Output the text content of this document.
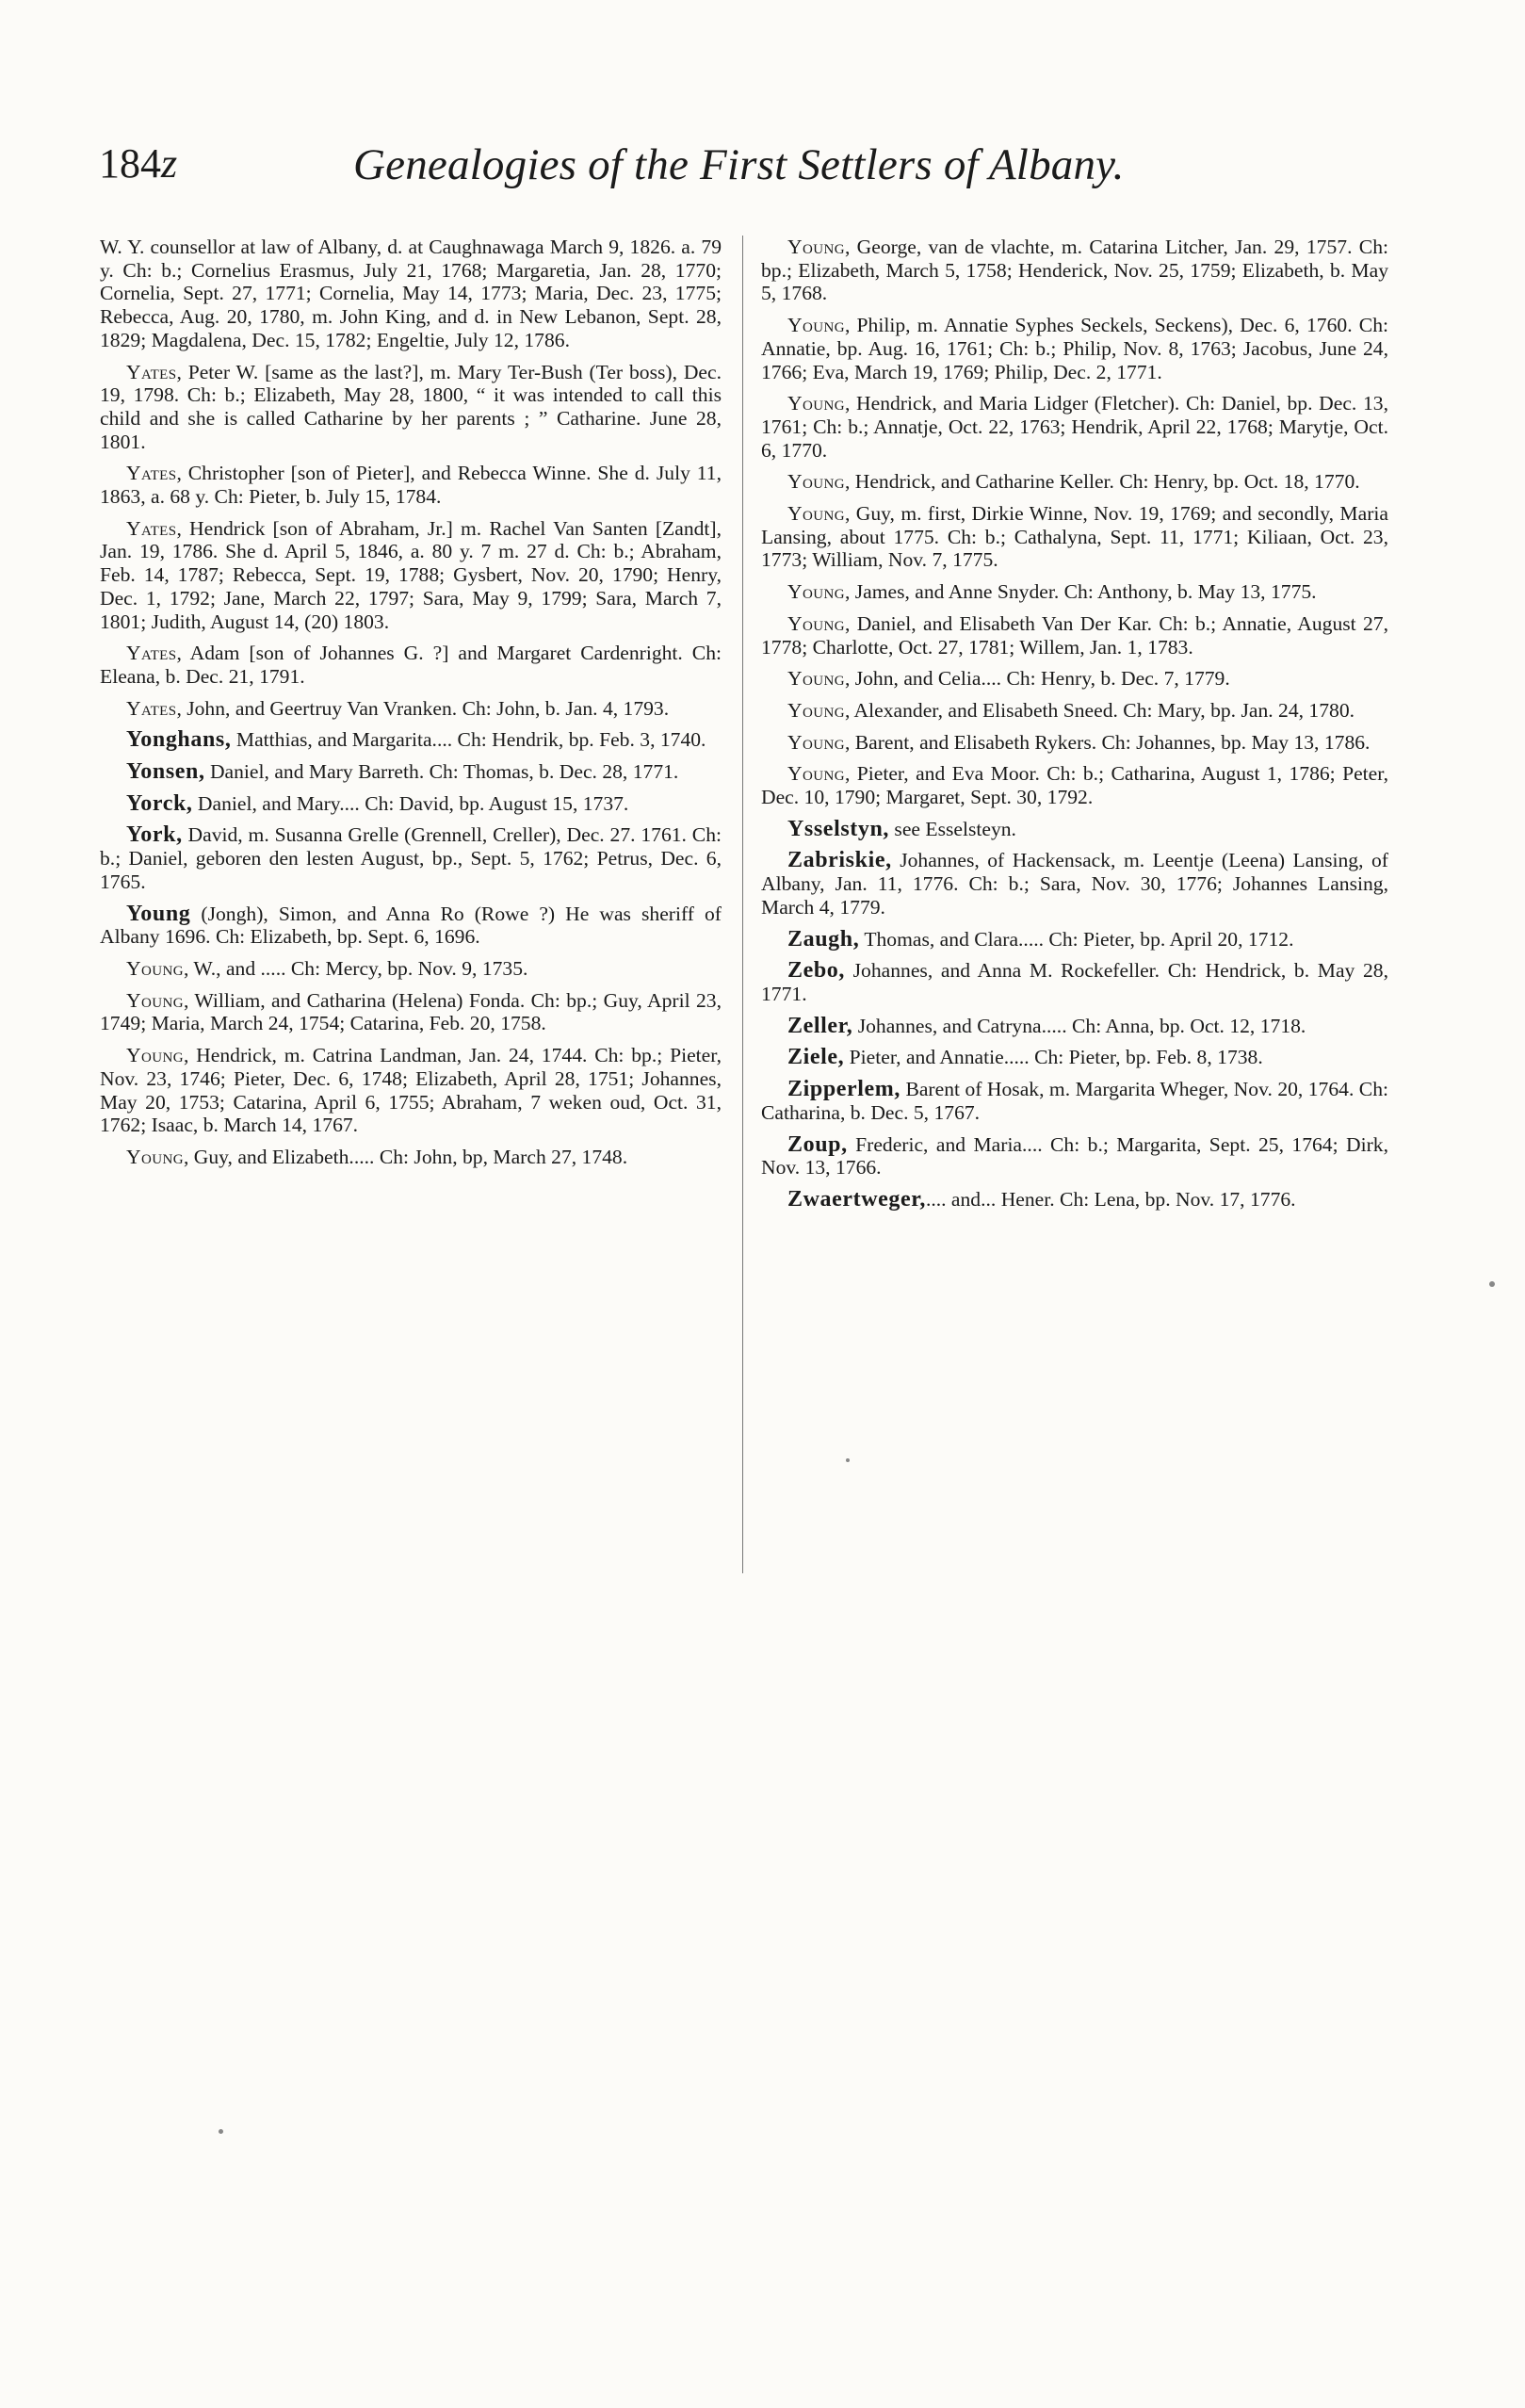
184z	Genealogies of the First Settlers of Albany.

W. Y. counsellor at law of Albany, d. at Caughnawaga March 9, 1826. a. 79 y. Ch: b.; Cornelius Erasmus, July 21, 1768; Margaretia, Jan. 28, 1770; Cornelia, Sept. 27, 1771; Cornelia, May 14, 1773; Maria, Dec. 23, 1775; Rebecca, Aug. 20, 1780, m. John King, and d. in New Lebanon, Sept. 28, 1829; Magdalena, Dec. 15, 1782; Engeltie, July 12, 1786.

Yates, Peter W. [same as the last?], m. Mary Ter-Bush (Ter boss), Dec. 19, 1798. Ch: b.; Elizabeth, May 28, 1800, “ it was intended to call this child and she is called Catharine by her parents ; ” Catharine. June 28, 1801.

Yates, Christopher [son of Pieter], and Rebecca Winne. She d. July 11, 1863, a. 68 y. Ch: Pieter, b. July 15, 1784.

Yates, Hendrick [son of Abraham, Jr.] m. Rachel Van Santen [Zandt], Jan. 19, 1786. She d. April 5, 1846, a. 80 y. 7 m. 27 d. Ch: b.; Abraham, Feb. 14, 1787; Rebecca, Sept. 19, 1788; Gysbert, Nov. 20, 1790; Henry, Dec. 1, 1792; Jane, March 22, 1797; Sara, May 9, 1799; Sara, March 7, 1801; Judith, August 14, (20) 1803.

Yates, Adam [son of Johannes G. ?] and Margaret Cardenright. Ch: Eleana, b. Dec. 21, 1791.

Yates, John, and Geertruy Van Vranken. Ch: John, b. Jan. 4, 1793.

Yonghans, Matthias, and Margarita.... Ch: Hendrik, bp. Feb. 3, 1740.

Yonsen, Daniel, and Mary Barreth. Ch: Thomas, b. Dec. 28, 1771.

Yorck, Daniel, and Mary.... Ch: David, bp. August 15, 1737.

York, David, m. Susanna Grelle (Grennell, Creller), Dec. 27. 1761. Ch: b.; Daniel, geboren den lesten August, bp., Sept. 5, 1762; Petrus, Dec. 6, 1765.

Young (Jongh), Simon, and Anna Ro (Rowe ?) He was sheriff of Albany 1696. Ch: Elizabeth, bp. Sept. 6, 1696.

Young, W., and ..... Ch: Mercy, bp. Nov. 9, 1735.

Young, William, and Catharina (Helena) Fonda. Ch: bp.; Guy, April 23, 1749; Maria, March 24, 1754; Catarina, Feb. 20, 1758.

Young, Hendrick, m. Catrina Landman, Jan. 24, 1744. Ch: bp.; Pieter, Nov. 23, 1746; Pieter, Dec. 6, 1748; Elizabeth, April 28, 1751; Johannes, May 20, 1753; Catarina, April 6, 1755; Abraham, 7 weken oud, Oct. 31, 1762; Isaac, b. March 14, 1767.

Young, Guy, and Elizabeth..... Ch: John, bp, March 27, 1748.

Young, George, van de vlachte, m. Catarina Litcher, Jan. 29, 1757. Ch: bp.; Elizabeth, March 5, 1758; Henderick, Nov. 25, 1759; Elizabeth, b. May 5, 1768.

Young, Philip, m. Annatie Syphes Seckels, Seckens), Dec. 6, 1760. Ch: Annatie, bp. Aug. 16, 1761; Ch: b.; Philip, Nov. 8, 1763; Jacobus, June 24, 1766; Eva, March 19, 1769; Philip, Dec. 2, 1771.

Young, Hendrick, and Maria Lidger (Fletcher). Ch: Daniel, bp. Dec. 13, 1761; Ch: b.; Annatje, Oct. 22, 1763; Hendrik, April 22, 1768; Marytje, Oct. 6, 1770.

Young, Hendrick, and Catharine Keller. Ch: Henry, bp. Oct. 18, 1770.

Young, Guy, m. first, Dirkie Winne, Nov. 19, 1769; and secondly, Maria Lansing, about 1775. Ch: b.; Cathalyna, Sept. 11, 1771; Kiliaan, Oct. 23, 1773; William, Nov. 7, 1775.

Young, James, and Anne Snyder. Ch: Anthony, b. May 13, 1775.

Young, Daniel, and Elisabeth Van Der Kar. Ch: b.; Annatie, August 27, 1778; Charlotte, Oct. 27, 1781; Willem, Jan. 1, 1783.

Young, John, and Celia.... Ch: Henry, b. Dec. 7, 1779.

Young, Alexander, and Elisabeth Sneed. Ch: Mary, bp. Jan. 24, 1780.

Young, Barent, and Elisabeth Rykers. Ch: Johannes, bp. May 13, 1786.

Young, Pieter, and Eva Moor. Ch: b.; Catharina, August 1, 1786; Peter, Dec. 10, 1790; Margaret, Sept. 30, 1792.

Ysselstyn, see Esselsteyn.

Zabriskie, Johannes, of Hackensack, m. Leentje (Leena) Lansing, of Albany, Jan. 11, 1776. Ch: b.; Sara, Nov. 30, 1776; Johannes Lansing, March 4, 1779.

Zaugh, Thomas, and Clara..... Ch: Pieter, bp. April 20, 1712.

Zebo, Johannes, and Anna M. Rockefeller. Ch: Hendrick, b. May 28, 1771.

Zeller, Johannes, and Catryna..... Ch: Anna, bp. Oct. 12, 1718.

Ziele, Pieter, and Annatie..... Ch: Pieter, bp. Feb. 8, 1738.

Zipperlem, Barent of Hosak, m. Margarita Wheger, Nov. 20, 1764. Ch: Catharina, b. Dec. 5, 1767.

Zoup, Frederic, and Maria.... Ch: b.; Margarita, Sept. 25, 1764; Dirk, Nov. 13, 1766.

Zwaertweger,.... and... Hener. Ch: Lena, bp. Nov. 17, 1776.
